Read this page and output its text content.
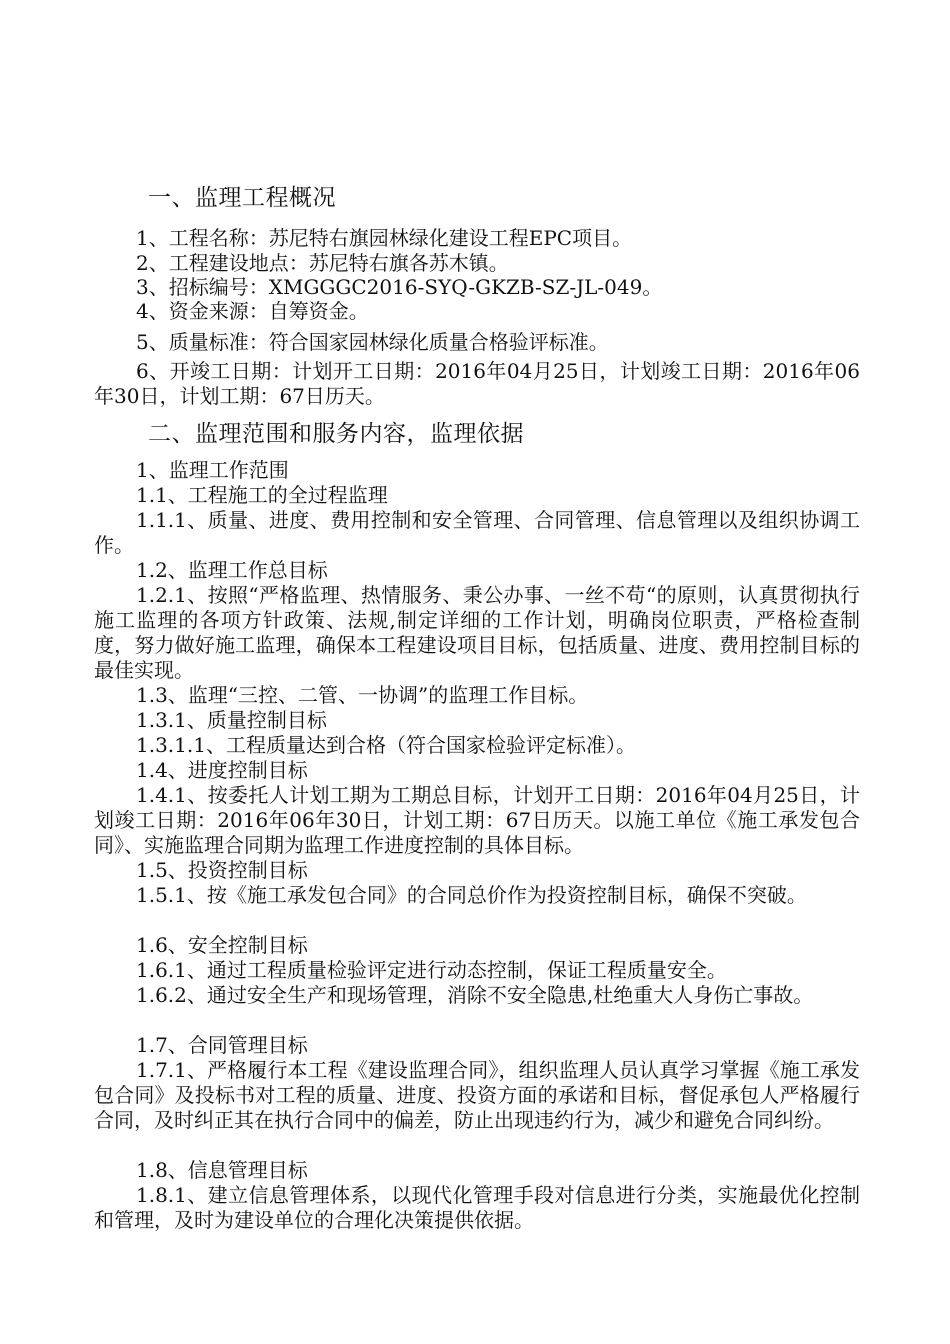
一、监理工程概况
1、工程名称：苏尼特右旗园林绿化建设工程EPC项目。
2、工程建设地点：苏尼特右旗各苏木镇。
3、招标编号：XMGGGC2016-SYQ-GKZB-SZ-JL-049。
4、资金来源：自筹资金。
5、质量标准：符合国家园林绿化质量合格验评标准。
6、开竣工日期：计划开工日期：2016年04月25日，计划竣工日期：2016年06年30日，计划工期：67日历天。
二、监理范围和服务内容，监理依据
1、监理工作范围
1.1、工程施工的全过程监理
1.1.1、质量、进度、费用控制和安全管理、合同管理、信息管理以及组织协调工作。
1.2、监理工作总目标
1.2.1、按照“严格监理、热情服务、秉公办事、一丝不苟“的原则，认真贯彻执行施工监理的各项方针政策、法规,制定详细的工作计划，明确岗位职责，严格检查制度，努力做好施工监理，确保本工程建设项目目标，包括质量、进度、费用控制目标的最佳实现。
1.3、监理“三控、二管、一协调”的监理工作目标。
1.3.1、质量控制目标
1.3.1.1、工程质量达到合格（符合国家检验评定标准）。
1.4、进度控制目标
1.4.1、按委托人计划工期为工期总目标，计划开工日期：2016年04月25日，计划竣工日期：2016年06年30日，计划工期：67日历天。以施工单位《施工承发包合同》、实施监理合同期为监理工作进度控制的具体目标。
1.5、投资控制目标
1.5.1、按《施工承发包合同》的合同总价作为投资控制目标，确保不突破。
1.6、安全控制目标
1.6.1、通过工程质量检验评定进行动态控制，保证工程质量安全。
1.6.2、通过安全生产和现场管理，消除不安全隐患,杜绝重大人身伤亡事故。
1.7、合同管理目标
1.7.1、严格履行本工程《建设监理合同》，组织监理人员认真学习掌握《施工承发包合同》及投标书对工程的质量、进度、投资方面的承诺和目标，督促承包人严格履行合同，及时纠正其在执行合同中的偏差，防止出现违约行为，减少和避免合同纠纷。
1.8、信息管理目标
1.8.1、建立信息管理体系，以现代化管理手段对信息进行分类，实施最优化控制和管理，及时为建设单位的合理化决策提供依据。
